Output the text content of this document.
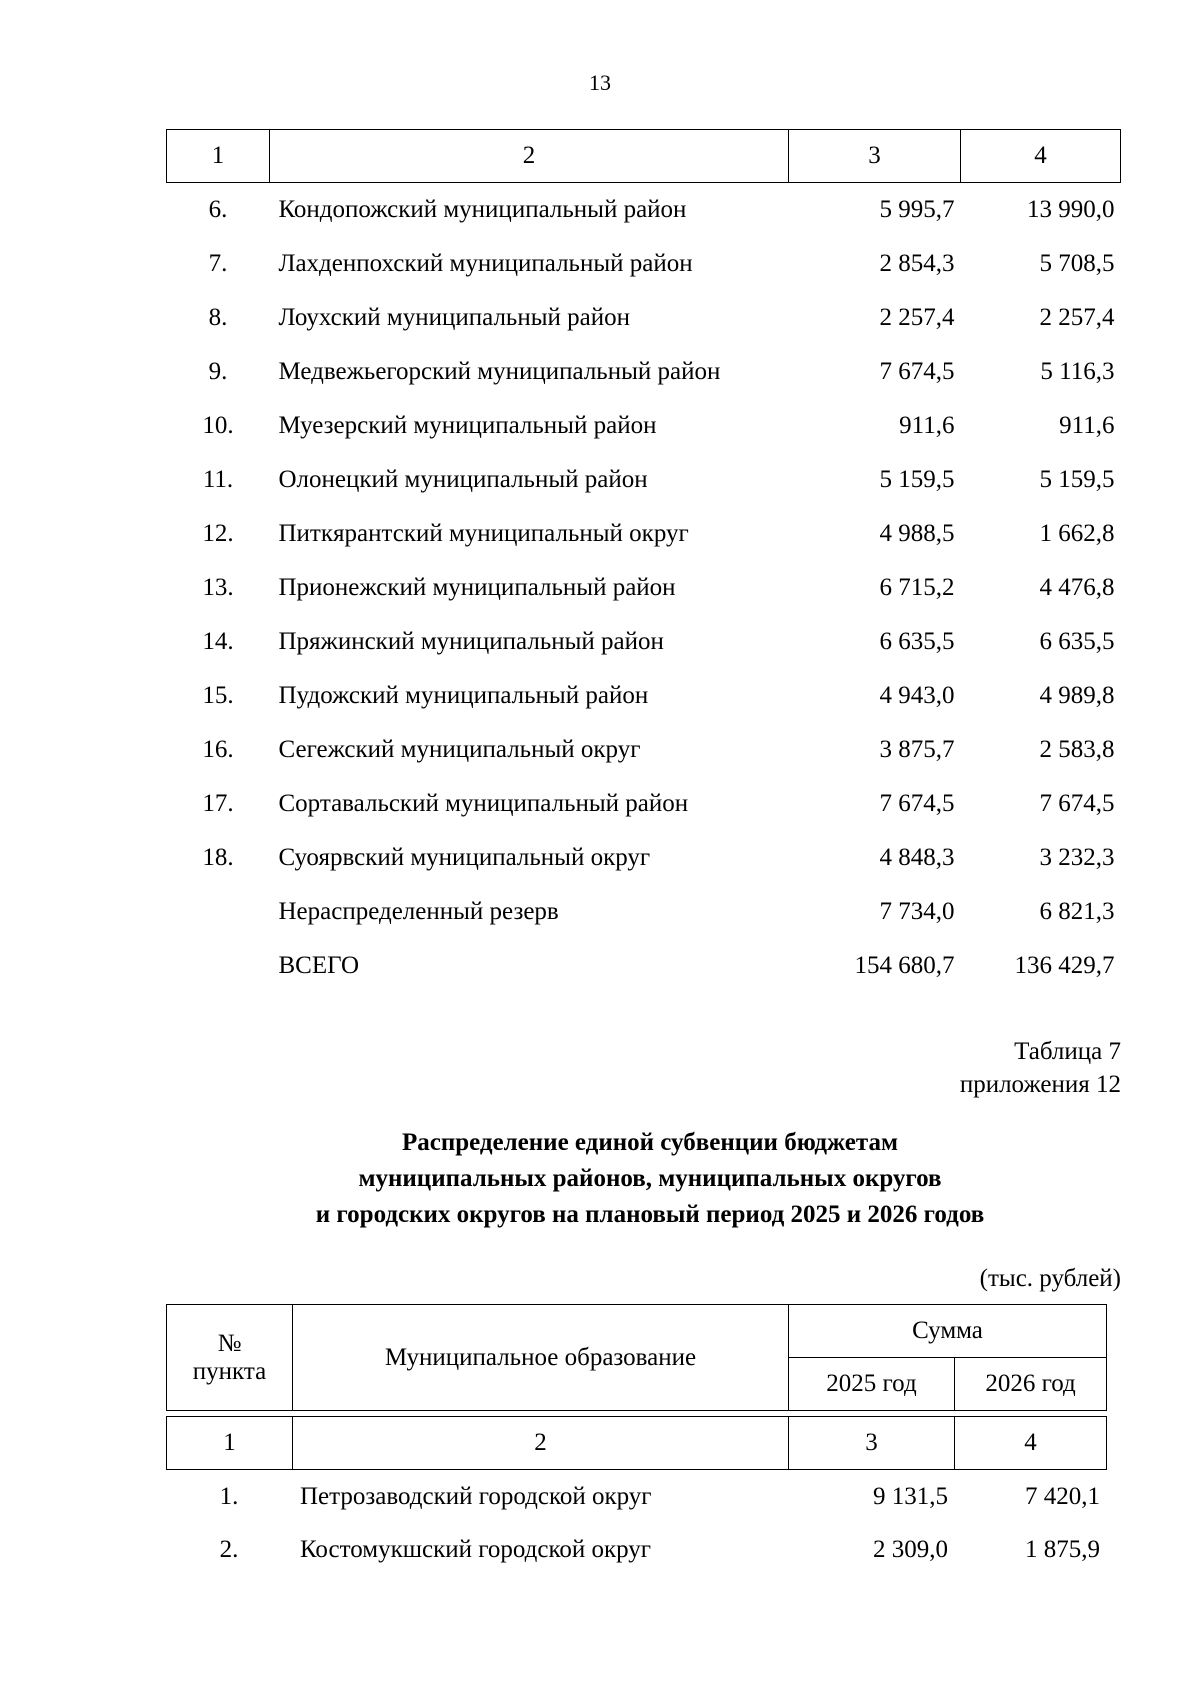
13
1	2	3	4
6.	Кондопожский муниципальный район	5 995,7	13 990,0
7.	Лахденпохский муниципальный район	2 854,3	5 708,5
8.	Лоухский муниципальный район	2 257,4	2 257,4
9.	Медвежьегорский муниципальный район	7 674,5	5 116,3
10.	Муезерский муниципальный район	911,6	911,6
11.	Олонецкий муниципальный район	5 159,5	5 159,5
12.	Питкярантский муниципальный округ	4 988,5	1 662,8
13.	Прионежский муниципальный район	6 715,2	4 476,8
14.	Пряжинский муниципальный район	6 635,5	6 635,5
15.	Пудожский муниципальный район	4 943,0	4 989,8
16.	Сегежский муниципальный округ	3 875,7	2 583,8
17.	Сортавальский муниципальный район	7 674,5	7 674,5
18.	Суоярвский муниципальный округ	4 848,3	3 232,3
	Нераспределенный резерв	7 734,0	6 821,3
	ВСЕГО	154 680,7	136 429,7
Таблица 7
приложения 12
Распределение единой субвенции бюджетам
муниципальных районов, муниципальных округов
и городских округов на плановый период 2025 и 2026 годов
(тыс. рублей)
№
пункта	Муниципальное образование	Сумма	
		2025 год	2026 год

1	2	3	4
1.	Петрозаводский городской округ	9 131,5	7 420,1
2.	Костомукшский городской округ	2 309,0	1 875,9
